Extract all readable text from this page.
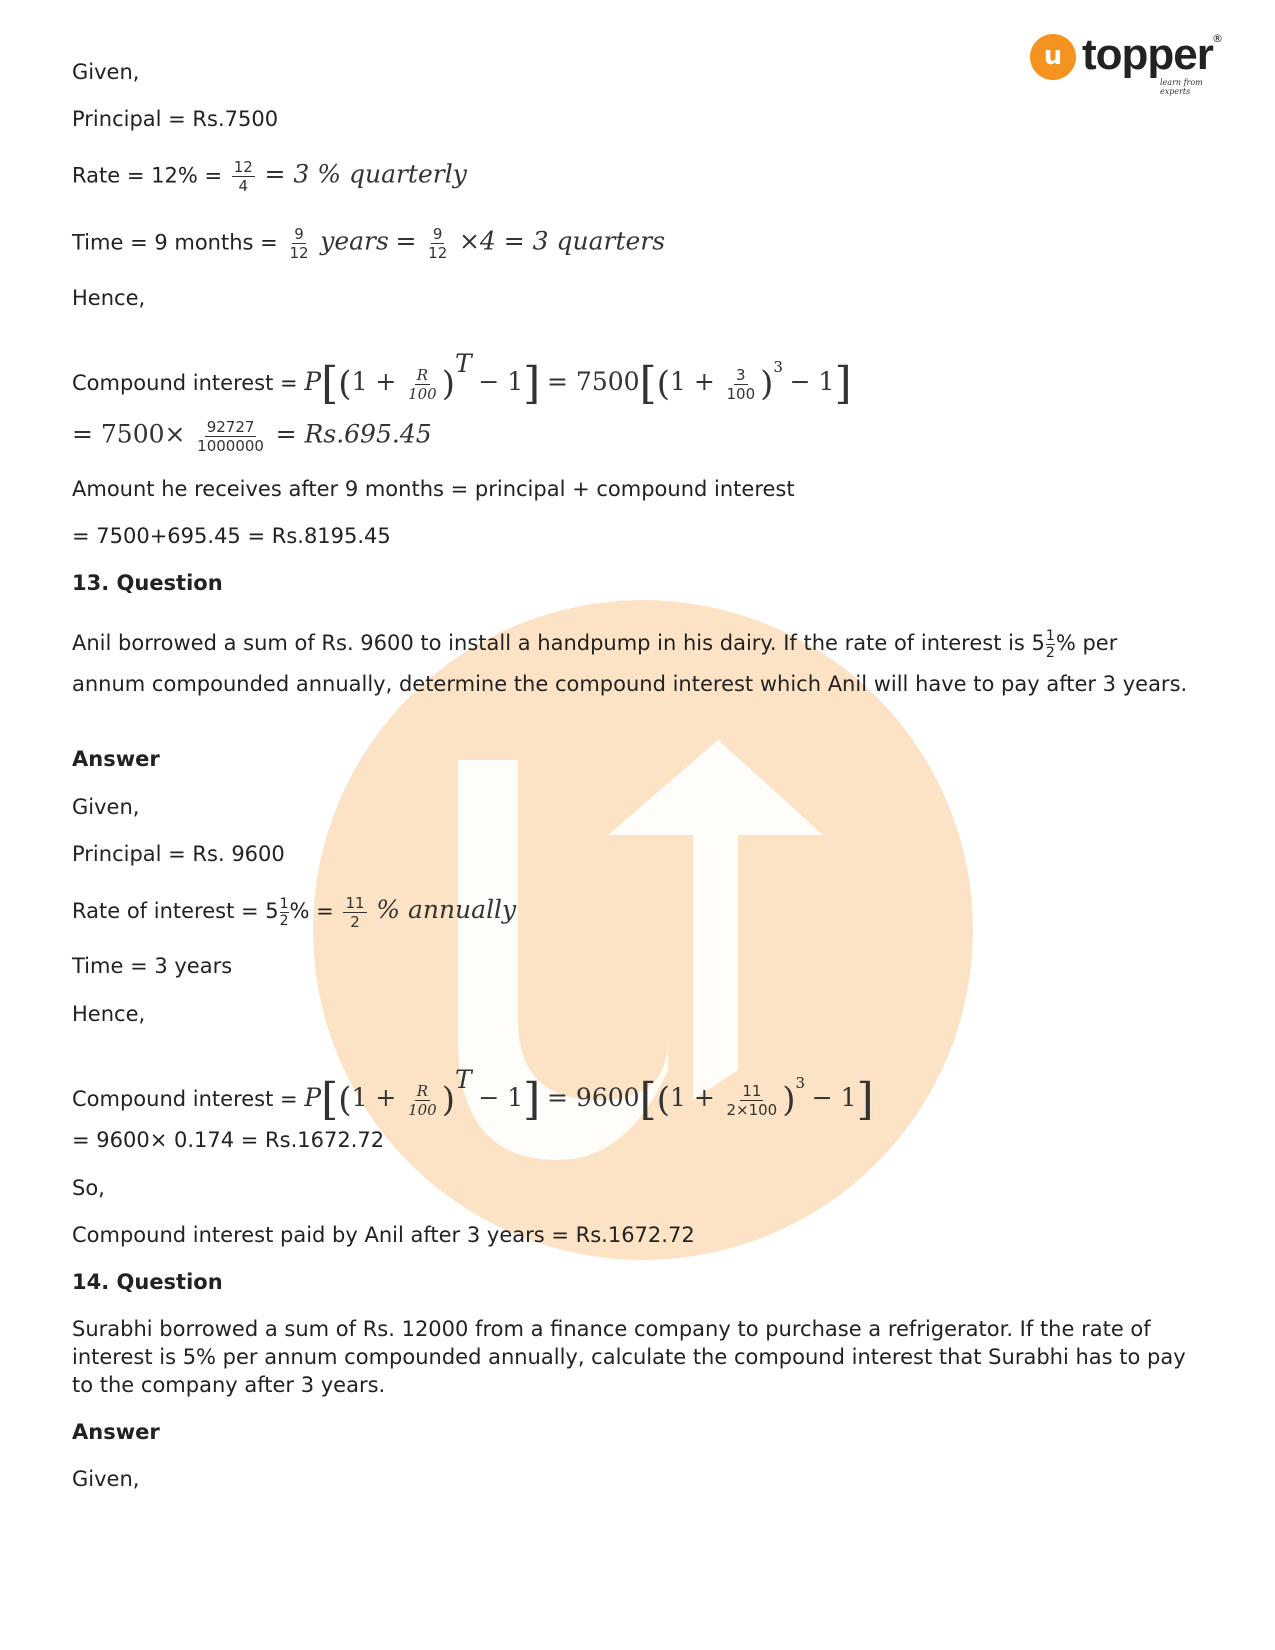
u topper ®
learn from experts
Given,
Principal = Rs.7500
Rate = $12\% = \frac{12}{4} = 3$ % quarterly
Time = 9 months = $\frac{9}{12}$ years = $\frac{9}{12} \times 4 = 3$ quarters
Hence,
Compound interest = $P[(1 + \frac{R}{100} )^T - 1] = 7500[(1 + \frac{3}{100} )^3 - 1]$
= $7500\times \frac{92727}{1000000} = Rs.695.45$
Amount he receives after 9 months = principal + compound interest
= 7500+695.45 = Rs.8195.45
13. Question
Anil borrowed a sum of Rs. 9600 to install a handpump in his dairy. If the rate of interest is 5 1
2 % per
annum compounded annually, determine the compound interest which Anil will have to pay after 3 years.
Answer
Given,
Principal = Rs. 9600
Rate of interest = 5 1
2 % = $\frac{11}{2}$ % annually
Time = 3 years
Hence,
Compound interest = $P[(1 + \frac{R}{100} )^T - 1] = 9600[(1 + \frac{11}{2\times 100} )^3 - 1]$
= 9600× 0.174 = Rs.1672.72
So,
Compound interest paid by Anil after 3 years = Rs.1672.72
14. Question
Surabhi borrowed a sum of Rs. 12000 from a finance company to purchase a refrigerator. If the rate of interest is 5% per annum compounded annually, calculate the compound interest that Surabhi has to pay to the company after 3 years.
Answer
Given,
